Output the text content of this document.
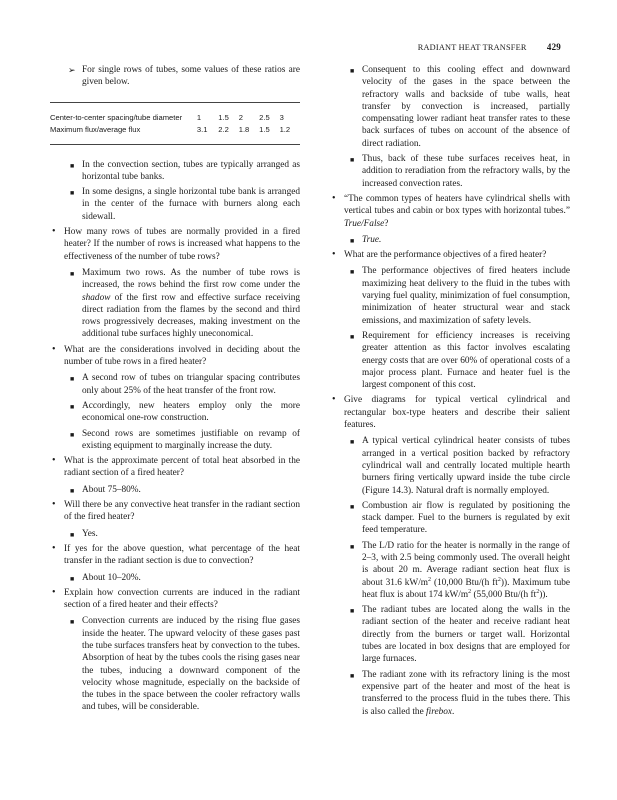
RADIANT HEAT TRANSFER 429
➢ For single rows of tubes, some values of these ratios are given below.

Center-to-center spacing/tube diameter	1	1.5	2	2.5	3
Maximum flux/average flux	3.1	2.2	1.8	1.5	1.2
■ In the convection section, tubes are typically arranged as horizontal tube banks.

■ In some designs, a single horizontal tube bank is arranged in the center of the furnace with burners along each sidewall.

• How many rows of tubes are normally provided in a fired heater? If the number of rows is increased what happens to the effectiveness of the number of tube rows?

■ Maximum two rows. As the number of tube rows is increased, the rows behind the first row come under the shadow of the first row and effective surface receiving direct radiation from the flames by the second and third rows progressively decreases, making investment on the additional tube surfaces highly uneconomical.

• What are the considerations involved in deciding about the number of tube rows in a fired heater?

■ A second row of tubes on triangular spacing contributes only about 25% of the heat transfer of the front row.

■ Accordingly, new heaters employ only the more economical one-row construction.

■ Second rows are sometimes justifiable on revamp of existing equipment to marginally increase the duty.

• What is the approximate percent of total heat absorbed in the radiant section of a fired heater?

■ About 75–80%.

• Will there be any convective heat transfer in the radiant section of the fired heater?

■ Yes.

• If yes for the above question, what percentage of the heat transfer in the radiant section is due to convection?

■ About 10–20%.

• Explain how convection currents are induced in the radiant section of a fired heater and their effects?

■ Convection currents are induced by the rising flue gases inside the heater. The upward velocity of these gases past the tube surfaces transfers heat by convection to the tubes. Absorption of heat by the tubes cools the rising gases near the tubes, inducing a downward component of the velocity whose magnitude, especially on the backside of the tubes in the space between the cooler refractory walls and tubes, will be considerable.

■ Consequent to this cooling effect and downward velocity of the gases in the space between the refractory walls and backside of tube walls, heat transfer by convection is increased, partially compensating lower radiant heat transfer rates to these back surfaces of tubes on account of the absence of direct radiation.

■ Thus, back of these tube surfaces receives heat, in addition to reradiation from the refractory walls, by the increased convection rates.

• “The common types of heaters have cylindrical shells with vertical tubes and cabin or box types with horizontal tubes.” True/False?

■ True.

• What are the performance objectives of a fired heater?

■ The performance objectives of fired heaters include maximizing heat delivery to the fluid in the tubes with varying fuel quality, minimization of fuel consumption, minimization of heater structural wear and stack emissions, and maximization of safety levels.

■ Requirement for efficiency increases is receiving greater attention as this factor involves escalating energy costs that are over 60% of operational costs of a major process plant. Furnace and heater fuel is the largest component of this cost.

• Give diagrams for typical vertical cylindrical and rectangular box-type heaters and describe their salient features.

■ A typical vertical cylindrical heater consists of tubes arranged in a vertical position backed by refractory cylindrical wall and centrally located multiple hearth burners firing vertically upward inside the tube circle (Figure 14.3). Natural draft is normally employed.

■ Combustion air flow is regulated by positioning the stack damper. Fuel to the burners is regulated by exit feed temperature.

■ The L/D ratio for the heater is normally in the range of 2–3, with 2.5 being commonly used. The overall height is about 20 m. Average radiant section heat flux is about 31.6 $kW/m^2$ (10,000 Btu/(h $ft^2$)). Maximum tube heat flux is about 174 $kW/m^2$ (55,000 Btu/(h $ft^2$)).

■ The radiant tubes are located along the walls in the radiant section of the heater and receive radiant heat directly from the burners or target wall. Horizontal tubes are located in box designs that are employed for large furnaces.

■ The radiant zone with its refractory lining is the most expensive part of the heater and most of the heat is transferred to the process fluid in the tubes there. This is also called the firebox.
